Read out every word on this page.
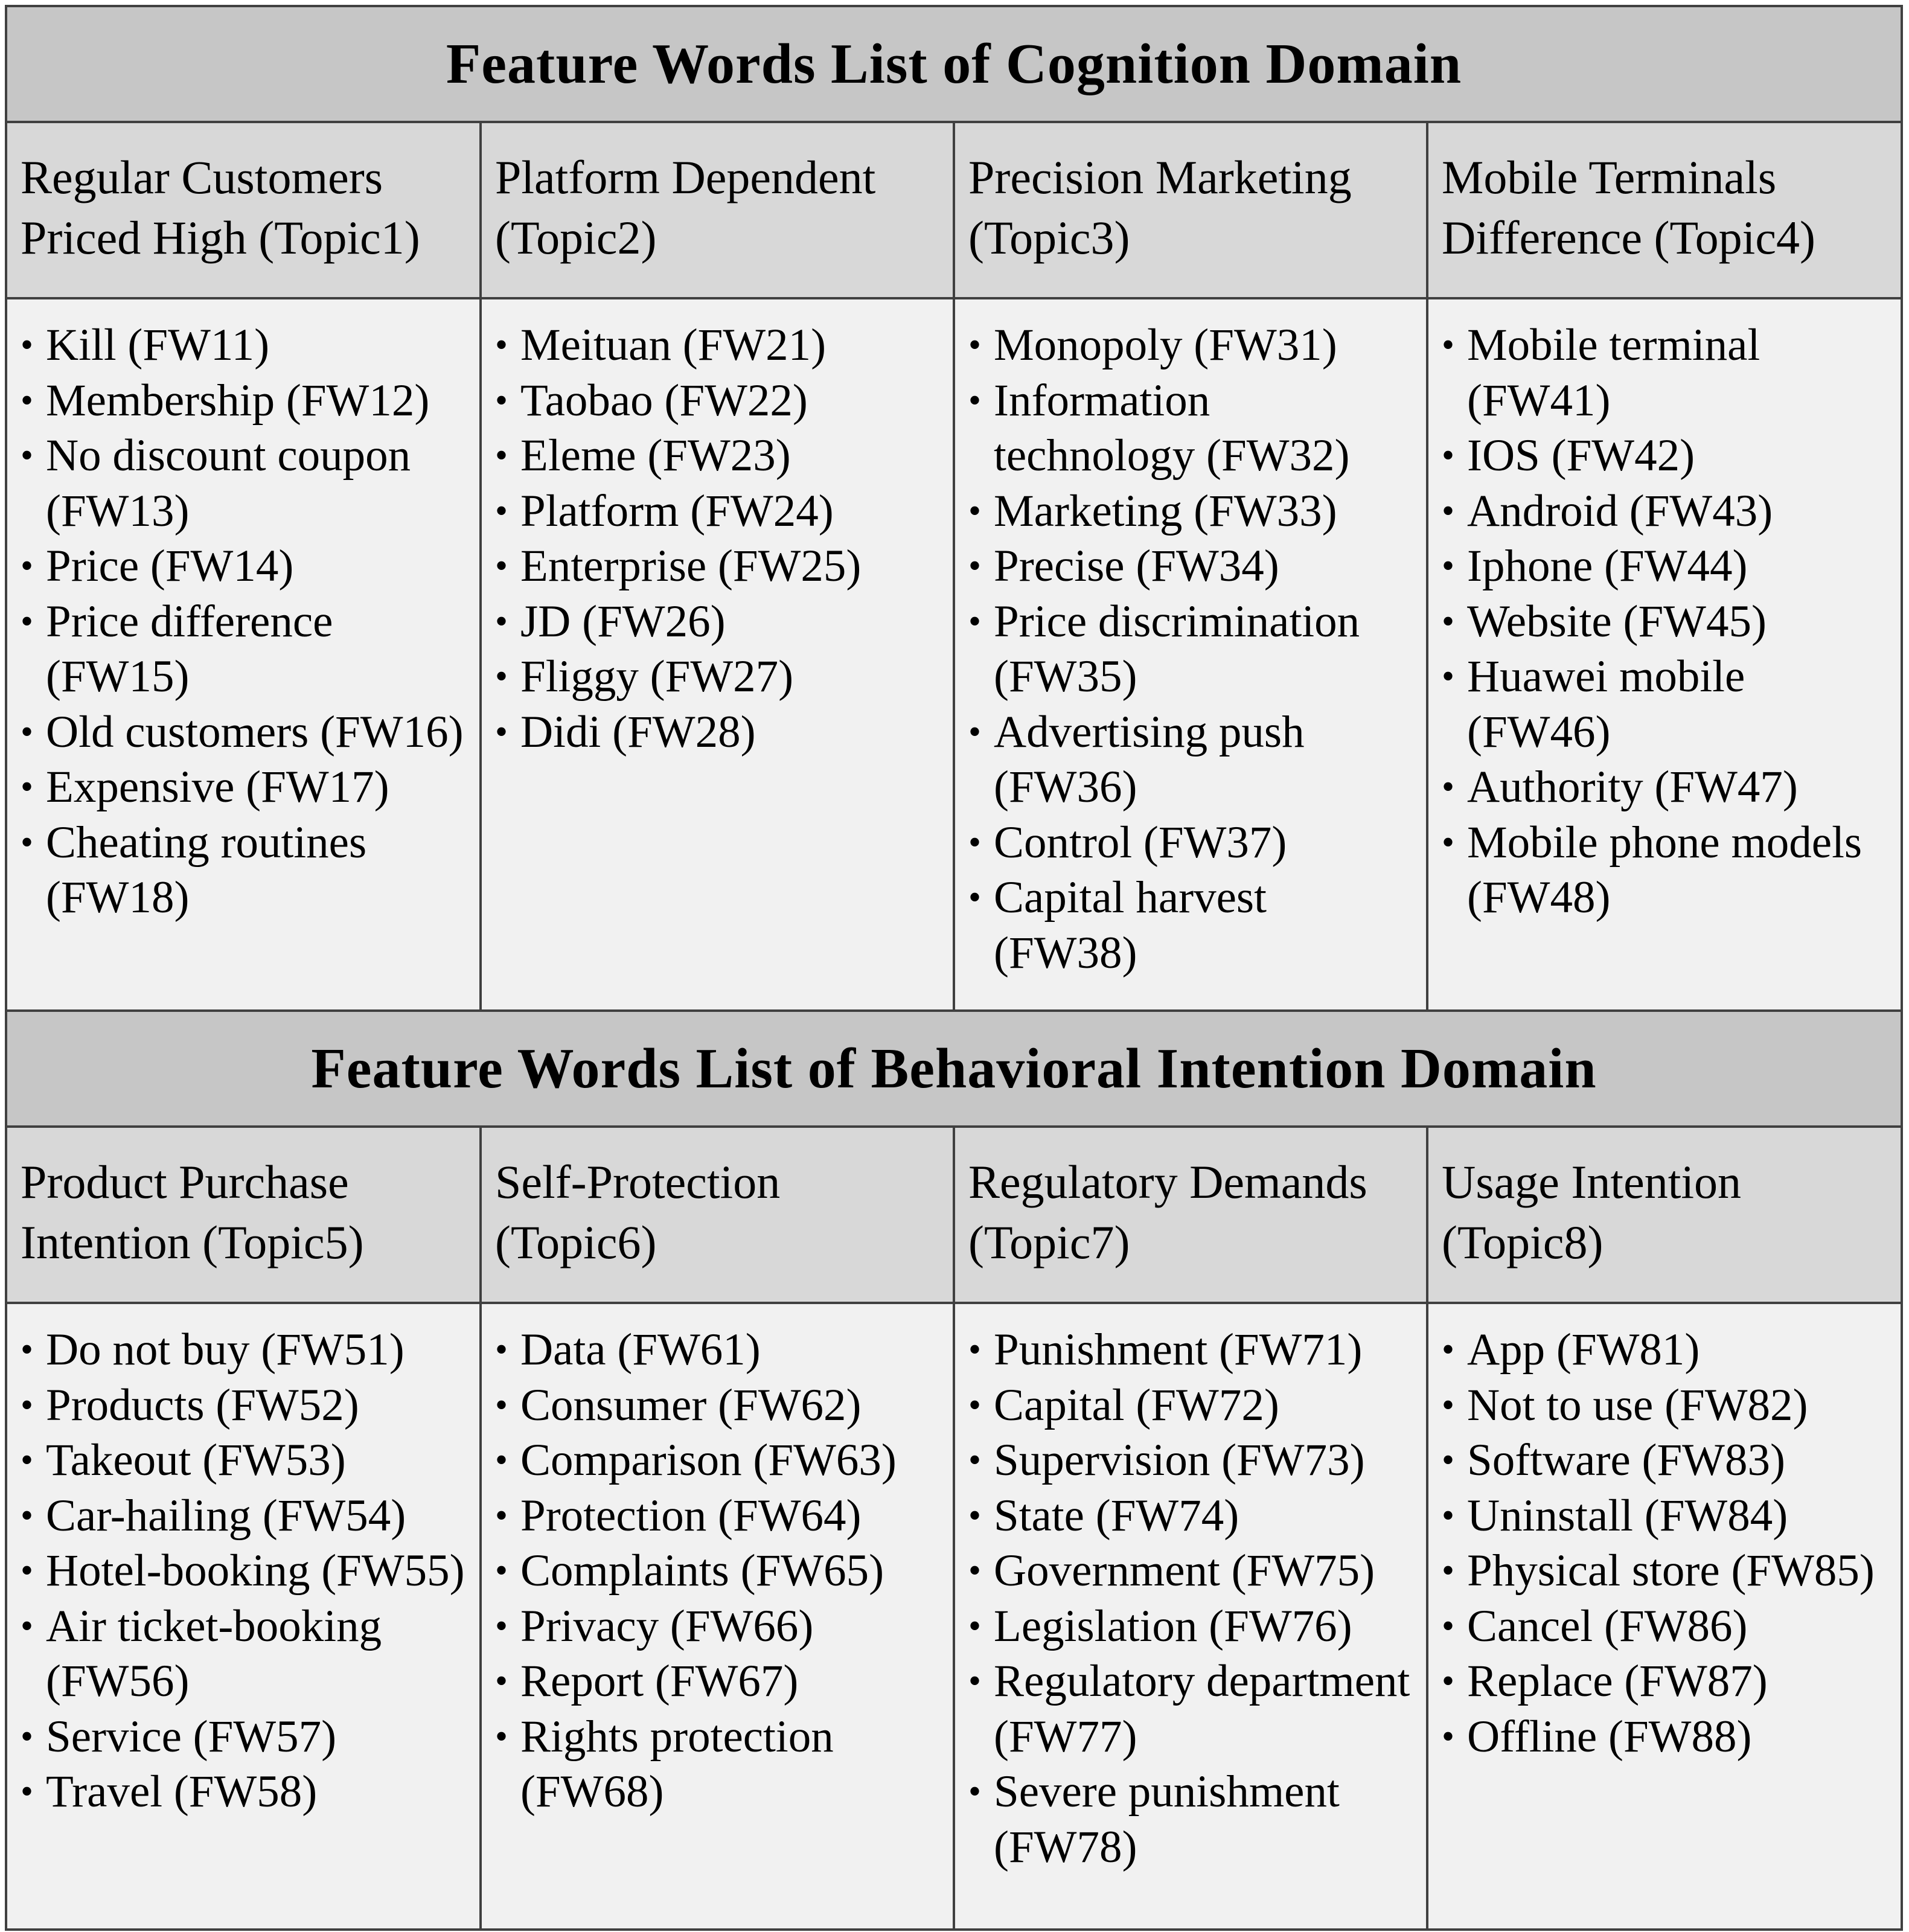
Feature Words List of Cognition Domain
Regular Customers
Priced High (Topic1)
Platform Dependent
(Topic2)
Precision Marketing
(Topic3)
Mobile Terminals
Difference (Topic4)
• Kill (FW11)
• Membership (FW12)
• No discount coupon
(FW13)
• Price (FW14)
• Price difference
(FW15)
• Old customers (FW16)
• Expensive (FW17)
• Cheating routines
(FW18)
• Meituan (FW21)
• Taobao (FW22)
• Eleme (FW23)
• Platform (FW24)
• Enterprise (FW25)
• JD (FW26)
• Fliggy (FW27)
• Didi (FW28)
• Monopoly (FW31)
• Information
technology (FW32)
• Marketing (FW33)
• Precise (FW34)
• Price discrimination
(FW35)
• Advertising push
(FW36)
• Control (FW37)
• Capital harvest
(FW38)
• Mobile terminal
(FW41)
• IOS (FW42)
• Android (FW43)
• Iphone (FW44)
• Website (FW45)
• Huawei mobile
(FW46)
• Authority (FW47)
• Mobile phone models
(FW48)
Feature Words List of Behavioral Intention Domain
Product Purchase
Intention (Topic5)
Self-Protection
(Topic6)
Regulatory Demands
(Topic7)
Usage Intention
(Topic8)
• Do not buy (FW51)
• Products (FW52)
• Takeout (FW53)
• Car-hailing (FW54)
• Hotel-booking (FW55)
• Air ticket-booking
(FW56)
• Service (FW57)
• Travel (FW58)
• Data (FW61)
• Consumer (FW62)
• Comparison (FW63)
• Protection (FW64)
• Complaints (FW65)
• Privacy (FW66)
• Report (FW67)
• Rights protection
(FW68)
• Punishment (FW71)
• Capital (FW72)
• Supervision (FW73)
• State (FW74)
• Government (FW75)
• Legislation (FW76)
• Regulatory department
(FW77)
• Severe punishment
(FW78)
• App (FW81)
• Not to use (FW82)
• Software (FW83)
• Uninstall (FW84)
• Physical store (FW85)
• Cancel (FW86)
• Replace (FW87)
• Offline (FW88)
